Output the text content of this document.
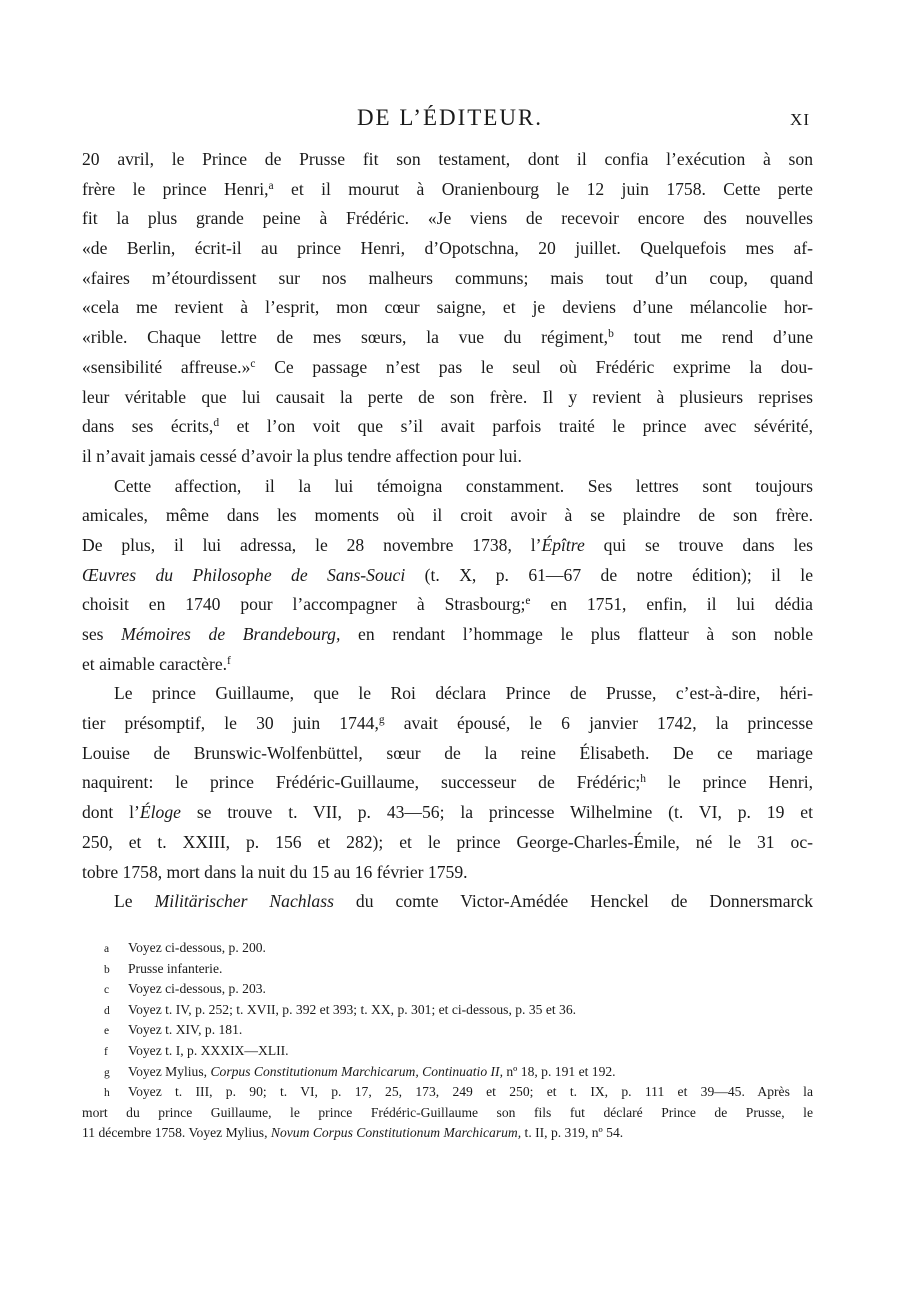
DE L’ÉDITEUR.	XI
20 avril, le Prince de Prusse fit son testament, dont il confia l’exécution à son
frère le prince Henri,$^a$ et il mourut à Oranienbourg le 12 juin 1758. Cette perte
fit la plus grande peine à Frédéric. «Je viens de recevoir encore des nouvelles
«de Berlin, écrit-il au prince Henri, d’Opotschna, 20 juillet. Quelquefois mes af-
«faires m’étourdissent sur nos malheurs communs; mais tout d’un coup, quand
«cela me revient à l’esprit, mon cœur saigne, et je deviens d’une mélancolie hor-
«rible. Chaque lettre de mes sœurs, la vue du régiment,$^b$ tout me rend d’une
«sensibilité affreuse.»$^c$ Ce passage n’est pas le seul où Frédéric exprime la dou-
leur véritable que lui causait la perte de son frère. Il y revient à plusieurs reprises
dans ses écrits,$^d$ et l’on voit que s’il avait parfois traité le prince avec sévérité,
il n’avait jamais cessé d’avoir la plus tendre affection pour lui.
Cette affection, il la lui témoigna constamment. Ses lettres sont toujours
amicales, même dans les moments où il croit avoir à se plaindre de son frère.
De plus, il lui adressa, le 28 novembre 1738, l’Épître qui se trouve dans les
Œuvres du Philosophe de Sans-Souci (t. X, p. 61—67 de notre édition); il le
choisit en 1740 pour l’accompagner à Strasbourg;$^e$ en 1751, enfin, il lui dédia
ses Mémoires de Brandebourg, en rendant l’hommage le plus flatteur à son noble
et aimable caractère.$^f$
Le prince Guillaume, que le Roi déclara Prince de Prusse, c’est-à-dire, héri-
tier présomptif, le 30 juin 1744,$^g$ avait épousé, le 6 janvier 1742, la princesse
Louise de Brunswic-Wolfenbüttel, sœur de la reine Élisabeth. De ce mariage
naquirent: le prince Frédéric-Guillaume, successeur de Frédéric;$^h$ le prince Henri,
dont l’Éloge se trouve t. VII, p. 43—56; la princesse Wilhelmine (t. VI, p. 19 et
250, et t. XXIII, p. 156 et 282); et le prince George-Charles-Émile, né le 31 oc-
tobre 1758, mort dans la nuit du 15 au 16 février 1759.
Le Militärischer Nachlass du comte Victor-Amédée Henckel de Donnersmarck
a Voyez ci-dessous, p. 200.
b Prusse infanterie.
c Voyez ci-dessous, p. 203.
d Voyez t. IV, p. 252; t. XVII, p. 392 et 393; t. XX, p. 301; et ci-dessous, p. 35 et 36.
e Voyez t. XIV, p. 181.
f Voyez t. I, p. XXXIX—XLII.
g Voyez Mylius, Corpus Constitutionum Marchicarum, Continuatio II, nº 18, p. 191 et 192.
h Voyez t. III, p. 90; t. VI, p. 17, 25, 173, 249 et 250; et t. IX, p. 111 et 39—45. Après la
mort du prince Guillaume, le prince Frédéric-Guillaume son fils fut déclaré Prince de Prusse, le
11 décembre 1758. Voyez Mylius, Novum Corpus Constitutionum Marchicarum, t. II, p. 319, nº 54.
